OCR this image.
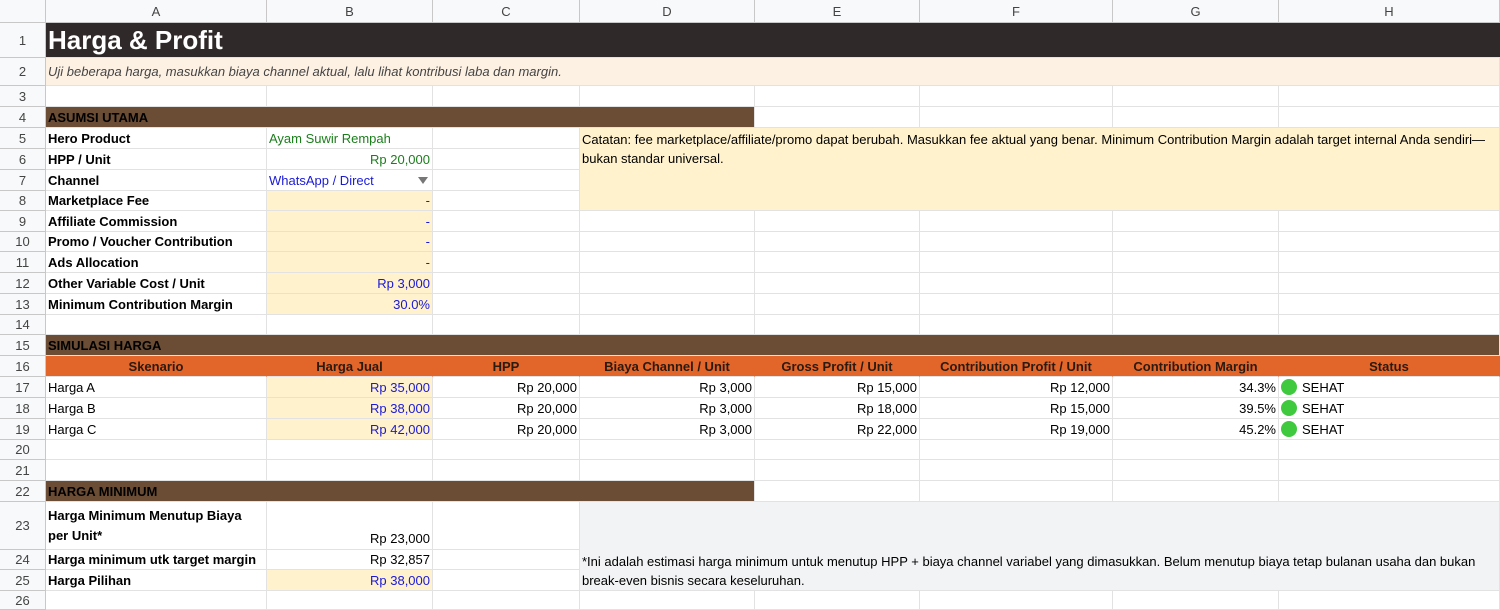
A	B	C	D	E	F	G	H
1
2
3
4
5
6
7
8
9
10
11
12
13
14
15
16
17
18
19
20
21
22
23
24
25
26
Harga & Profit
Uji beberapa harga, masukkan biaya channel aktual, lalu lihat kontribusi laba dan margin.
ASUMSI UTAMA
Catatan: fee marketplace/affiliate/promo dapat berubah. Masukkan fee aktual yang benar. Minimum Contribution Margin adalah target internal Anda sendiri—bukan standar universal.
Hero Product	Ayam Suwir Rempah
HPP / Unit	Rp 20,000
Channel	WhatsApp / Direct
Marketplace Fee	-
Affiliate Commission	-
Promo / Voucher Contribution	-
Ads Allocation	-
Other Variable Cost / Unit	Rp 3,000
Minimum Contribution Margin	30.0%
SIMULASI HARGA
Skenario	Harga Jual	HPP	Biaya Channel / Unit	Gross Profit / Unit	Contribution Profit / Unit	Contribution Margin	Status
Harga A	Rp 35,000	Rp 20,000	Rp 3,000	Rp 15,000	Rp 12,000	34.3% SEHAT
Harga B	Rp 38,000	Rp 20,000	Rp 3,000	Rp 18,000	Rp 15,000	39.5% SEHAT
Harga C	Rp 42,000	Rp 20,000	Rp 3,000	Rp 22,000	Rp 19,000	45.2% SEHAT
HARGA MINIMUM
Harga Minimum Menutup Biaya per Unit*	Rp 23,000
*Ini adalah estimasi harga minimum untuk menutup HPP + biaya channel variabel yang dimasukkan. Belum menutup biaya tetap bulanan usaha dan bukan break-even bisnis secara keseluruhan.
Harga minimum utk target margin	Rp 32,857
Harga Pilihan	Rp 38,000
